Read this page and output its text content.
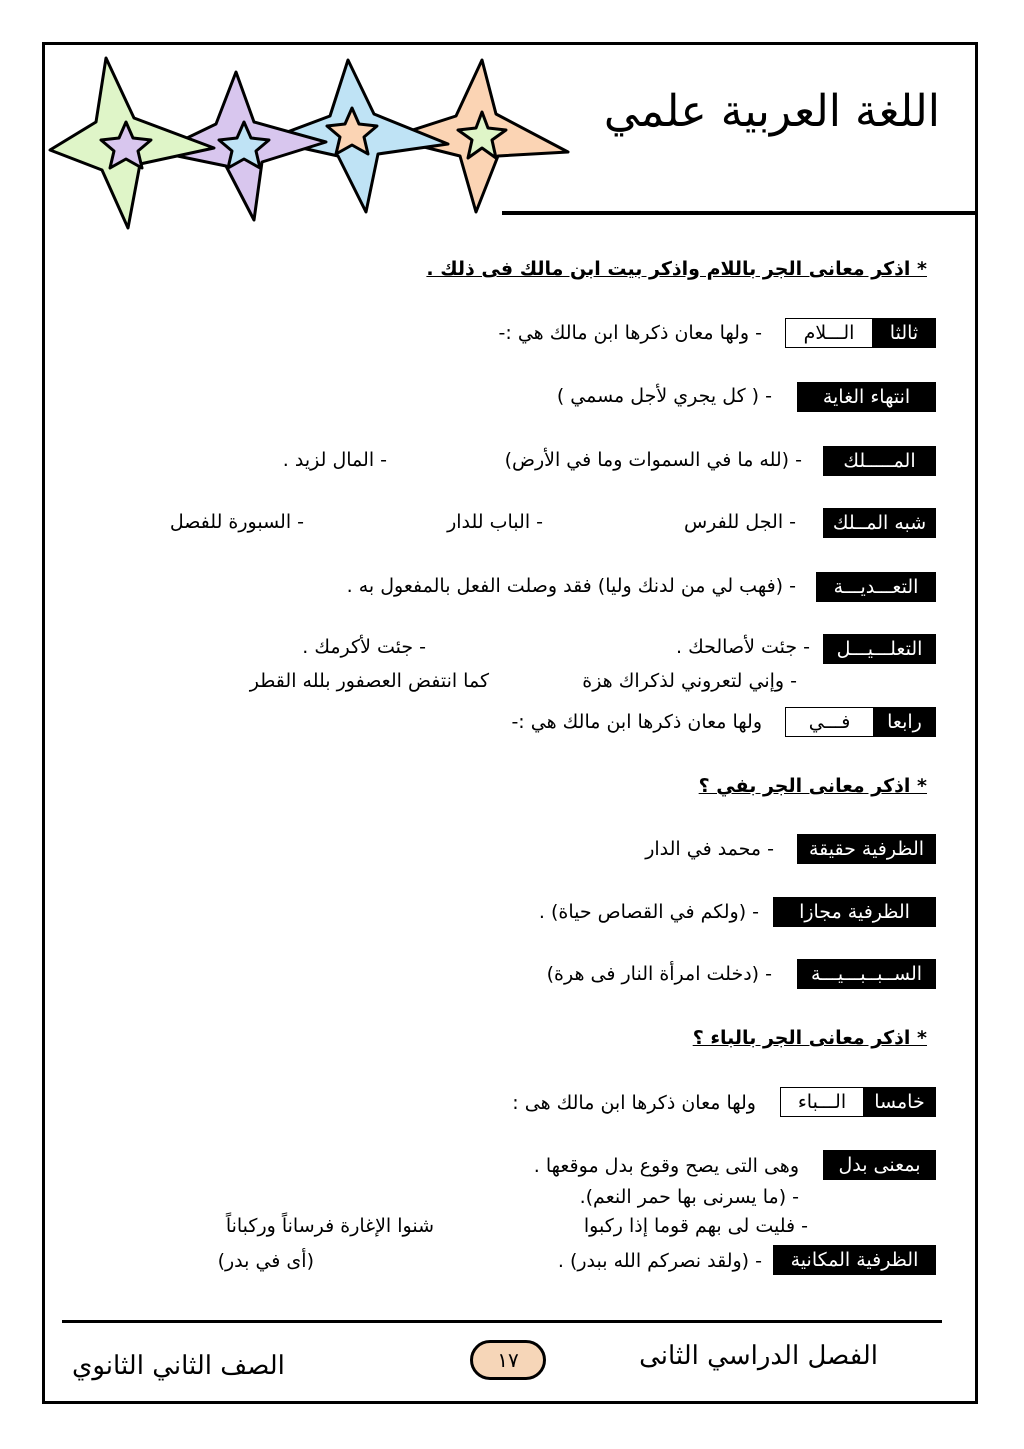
اللغة العربية علمي
* اذكر معانى الجر باللام واذكر بيت ابن مالك فى ذلك .
ثالثا
الـــلام
- ولها معان ذكرها ابن مالك هي :-
انتهاء الغاية
- ( كل يجري لأجل مسمي )
المـــــلك
- (لله ما في السموات وما في الأرض)
- المال لزيد .
شبه المــلك
- الجل للفرس
- الباب للدار
- السبورة للفصل
التعـــديـــة
- (فهب لي من لدنك وليا) فقد وصلت الفعل بالمفعول به .
التعلـــيـــل
- جئت لأصالحك .
- جئت لأكرمك .
- وإني لتعروني لذكراك هزة
كما انتفض العصفور بلله القطر
رابعا
فـــي
ولها معان ذكرها ابن مالك هي :-
* اذكر معانى الجر بفي ؟
الظرفية حقيقة
- محمد في الدار
الظرفية مجازا
- (ولكم في القصاص حياة) .
الســبــبـــيـــة
- (دخلت امرأة النار فى هرة)
* اذكر معانى الجر بالباء ؟
خامسا
الـــباء
ولها معان ذكرها ابن مالك هى :
بمعنى بدل
وهى التى يصح وقوع بدل موقعها .
- (ما يسرنى بها حمر النعم).
- فليت لى بهم قوما إذا ركبوا
شنوا الإغارة فرساناً وركباناً
الظرفية المكانية
- (ولقد نصركم الله ببدر) .
(أى في بدر)
الفصل الدراسي الثانى
١٧
الصف الثاني الثانوي
